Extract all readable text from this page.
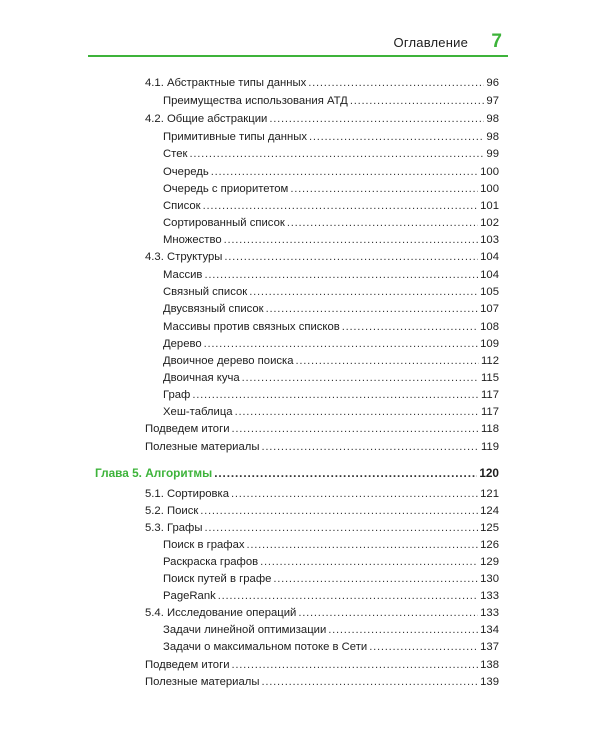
Оглавление 7
4.1. Абстрактные типы данных . . .	96
Преимущества использования АТД . . .	97
4.2. Общие абстракции . . .	98
Примитивные типы данных . . .	98
Стек . . .	99
Очередь . . .	100
Очередь с приоритетом . . .	100
Список . . .	101
Сортированный список . . .	102
Множество . . .	103
4.3. Структуры . . .	104
Массив . . .	104
Связный список . . .	105
Двусвязный список . . .	107
Массивы против связных списков . . .	108
Дерево . . .	109
Двоичное дерево поиска . . .	112
Двоичная куча . . .	115
Граф . . .	117
Хеш-таблица . . .	117
Подведем итоги . . .	118
Полезные материалы . . .	119
Глава 5. Алгоритмы . . .	120
5.1. Сортировка . . .	121
5.2. Поиск . . .	124
5.3. Графы . . .	125
Поиск в графах . . .	126
Раскраска графов . . .	129
Поиск путей в графе . . .	130
PageRank . . .	133
5.4. Исследование операций . . .	133
Задачи линейной оптимизации . . .	134
Задачи о максимальном потоке в Сети . . .	137
Подведем итоги . . .	138
Полезные материалы . . .	139
